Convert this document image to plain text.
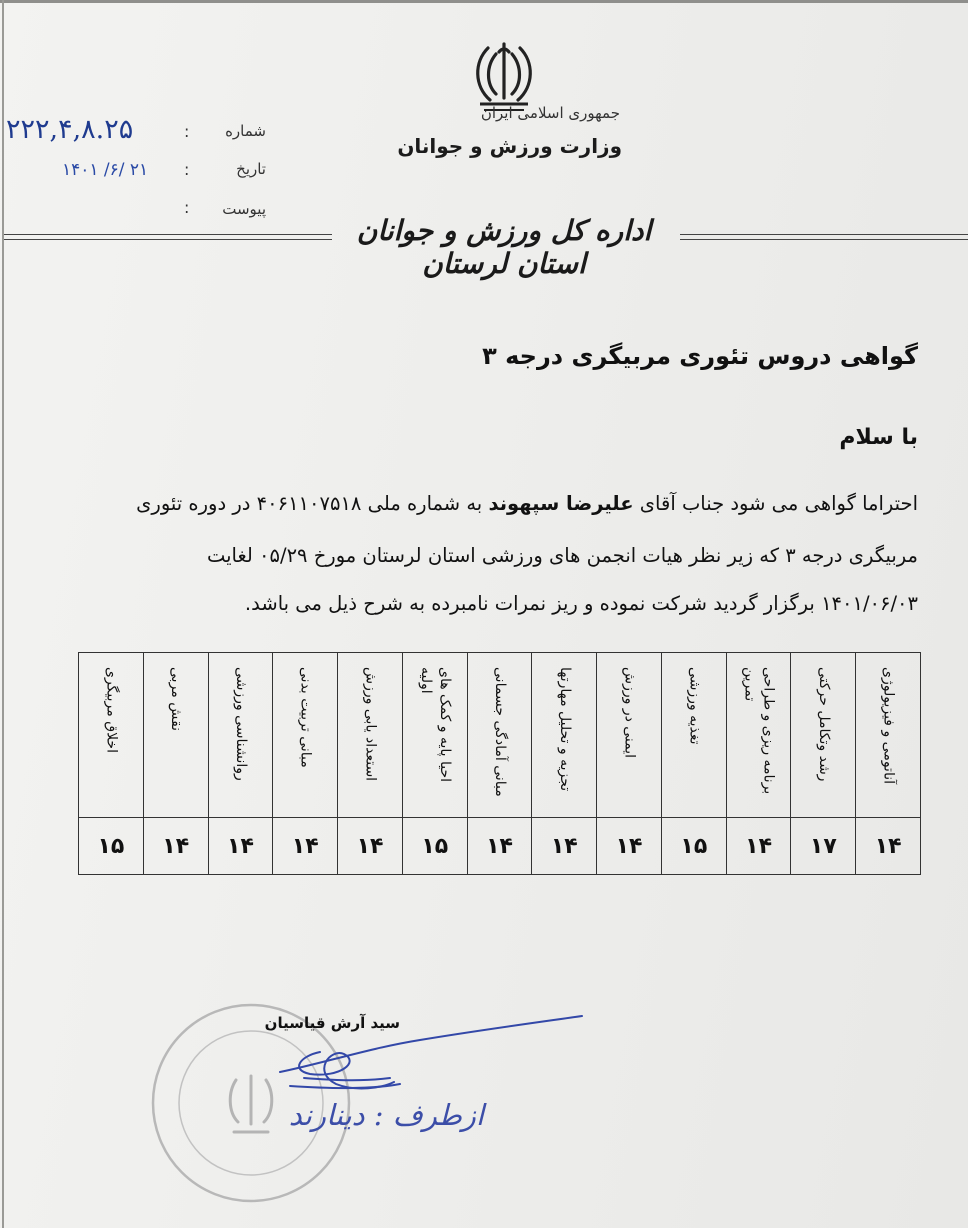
جمهوری اسلامی ایران
وزارت ورزش و جوانان
شماره
:
۲۲۲,۴,۸.۲۵
تاریخ
:
۱۴۰۱ /۶/ ۲۱
پیوست
:
اداره کل ورزش و جوانان استان لرستان
گواهی دروس تئوری مربیگری درجه ۳
با سلام
احتراما گواهی می شود جناب آقای علیرضا سپهوند به شماره ملی ۴۰۶۱۱۰۷۵۱۸ در دوره تئوری
مربیگری درجه ۳ که زیر نظر هیات انجمن های ورزشی استان لرستان مورخ ۰۵/۲۹ لغایت
۱۴۰۱/۰۶/۰۳ برگزار گردید شرکت نموده و ریز نمرات نامبرده به شرح ذیل می باشد.
آناتومی و فیزیولوژی	رشد وتکامل حرکتی	برنامه ریزی و طراحی تمرین	تغذیه ورزشی	ایمنی در ورزش	تجزیه و تحلیل مهارتها	مبانی آمادگی جسمانی	احیا پایه و کمک های اولیه	استعداد یابی ورزش	مبانی تربیت بدنی	روانشناسی ورزشی	نقش مربی	اخلاق مربیگری
۱۴	۱۷	۱۴	۱۵	۱۴	۱۴	۱۴	۱۵	۱۴	۱۴	۱۴	۱۴	۱۵
سید آرش قیاسیان
ازطرف : دینارند
